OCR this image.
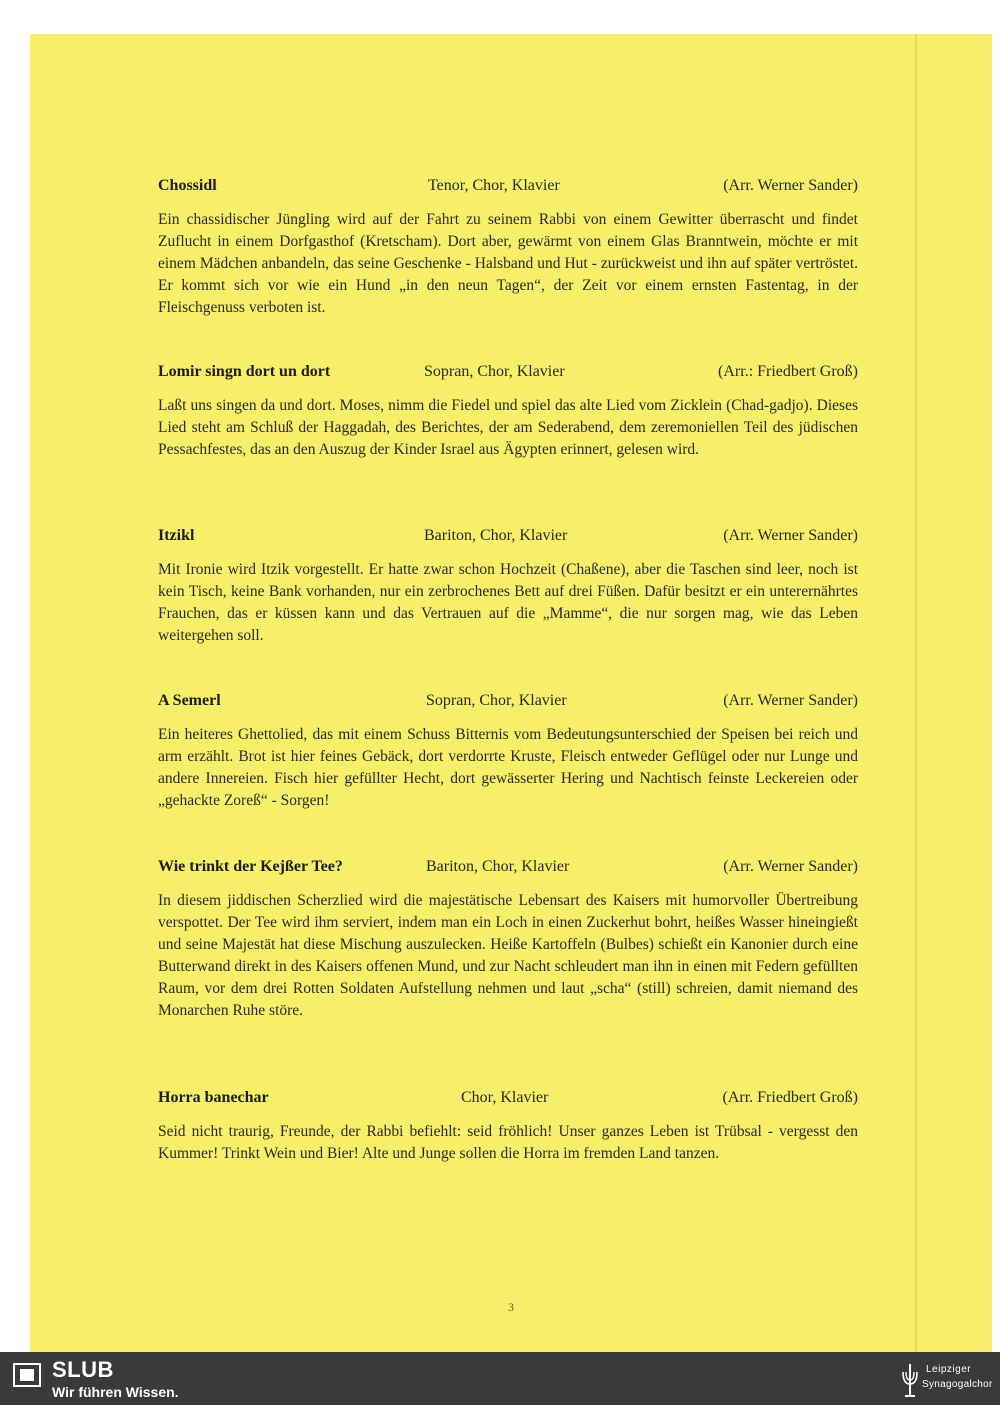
Chossidl	Tenor, Chor, Klavier	(Arr. Werner Sander)
Ein chassidischer Jüngling wird auf der Fahrt zu seinem Rabbi von einem Gewitter überrascht und findet Zuflucht in einem Dorfgasthof (Kretscham). Dort aber, gewärmt von einem Glas Branntwein, möchte er mit einem Mädchen anbandeln, das seine Geschenke - Halsband und Hut - zurückweist und ihn auf später vertröstet. Er kommt sich vor wie ein Hund „in den neun Tagen“, der Zeit vor einem ernsten Fastentag, in der Fleischgenuss verboten ist.
Lomir singn dort un dort	Sopran, Chor, Klavier	(Arr.: Friedbert Groß)
Laßt uns singen da und dort. Moses, nimm die Fiedel und spiel das alte Lied vom Zicklein (Chad-gadjo). Dieses Lied steht am Schluß der Haggadah, des Berichtes, der am Sederabend, dem zeremoniellen Teil des jüdischen Pessachfestes, das an den Auszug der Kinder Israel aus Ägypten erinnert, gelesen wird.
Itzikl	Bariton, Chor, Klavier	(Arr. Werner Sander)
Mit Ironie wird Itzik vorgestellt. Er hatte zwar schon Hochzeit (Chaßene), aber die Taschen sind leer, noch ist kein Tisch, keine Bank vorhanden, nur ein zerbrochenes Bett auf drei Füßen. Dafür besitzt er ein unterernährtes Frauchen, das er küssen kann und das Vertrauen auf die „Mamme“, die nur sorgen mag, wie das Leben weitergehen soll.
A Semerl	Sopran, Chor, Klavier	(Arr. Werner Sander)
Ein heiteres Ghettolied, das mit einem Schuss Bitternis vom Bedeutungsunterschied der Speisen bei reich und arm erzählt. Brot ist hier feines Gebäck, dort verdorrte Kruste, Fleisch entweder Geflügel oder nur Lunge und andere Innereien. Fisch hier gefüllter Hecht, dort gewässerter Hering und Nachtisch feinste Leckereien oder „gehackte Zoreß“ - Sorgen!
Wie trinkt der Kejßer Tee?	Bariton, Chor, Klavier	(Arr. Werner Sander)
In diesem jiddischen Scherzlied wird die majestätische Lebensart des Kaisers mit humorvoller Übertreibung verspottet. Der Tee wird ihm serviert, indem man ein Loch in einen Zuckerhut bohrt, heißes Wasser hineingießt und seine Majestät hat diese Mischung auszulecken. Heiße Kartoffeln (Bulbes) schießt ein Kanonier durch eine Butterwand direkt in des Kaisers offenen Mund, und zur Nacht schleudert man ihn in einen mit Federn gefüllten Raum, vor dem drei Rotten Soldaten Aufstellung nehmen und laut „scha“ (still) schreien, damit niemand des Monarchen Ruhe störe.
Horra banechar	Chor, Klavier	(Arr. Friedbert Groß)
Seid nicht traurig, Freunde, der Rabbi befiehlt: seid fröhlich! Unser ganzes Leben ist Trübsal - vergesst den Kummer! Trinkt Wein und Bier! Alte und Junge sollen die Horra im fremden Land tanzen.
3
SLUB
Wir führen Wissen.
Leipziger
Synagogalchor
